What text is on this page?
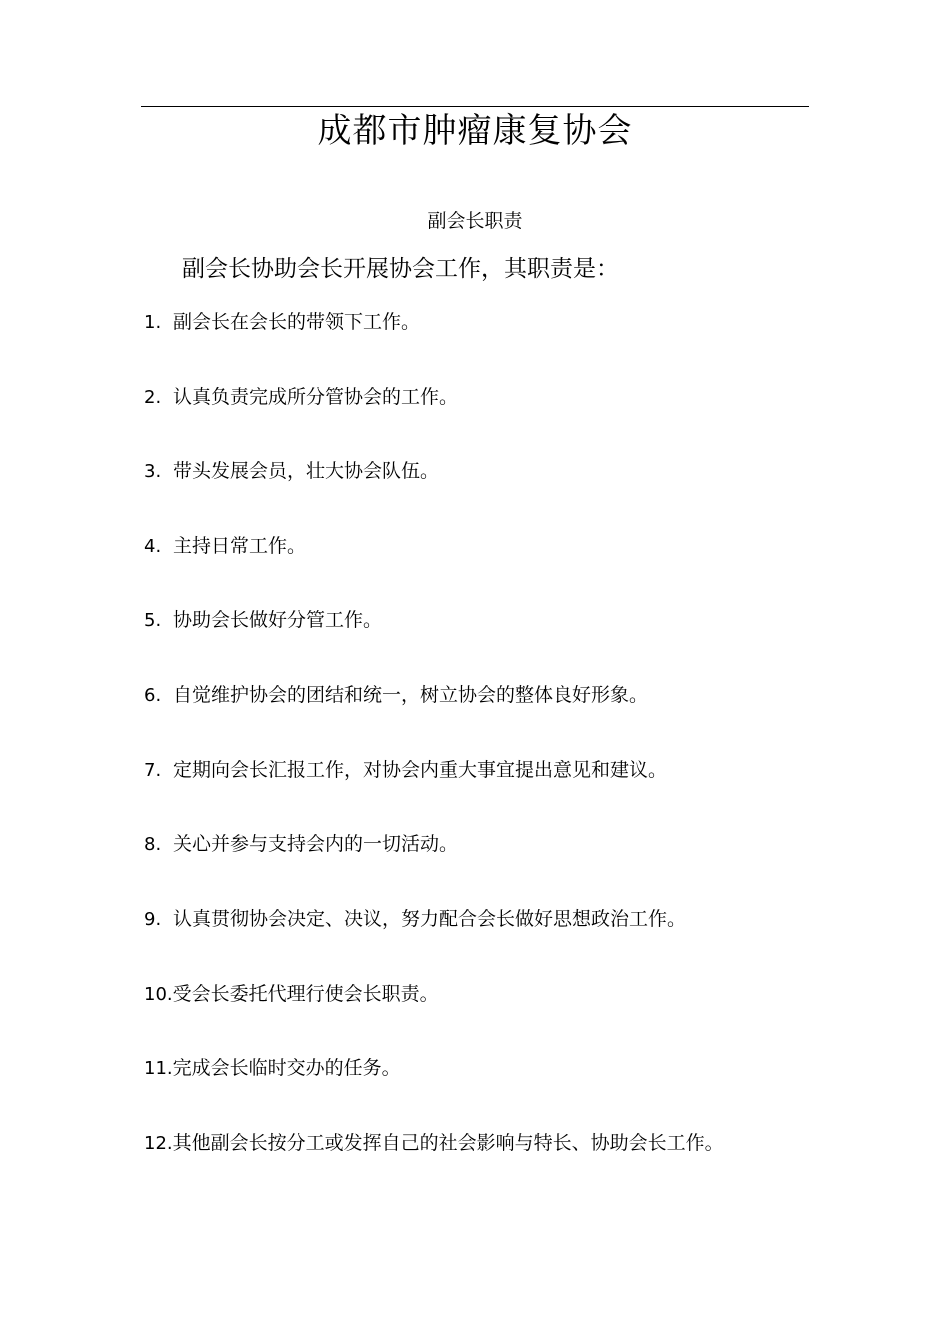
成都市肿瘤康复协会
副会长职责
副会长协助会长开展协会工作，其职责是：
1. 副会长在会长的带领下工作。
2. 认真负责完成所分管协会的工作。
3. 带头发展会员，壮大协会队伍。
4. 主持日常工作。
5. 协助会长做好分管工作。
6. 自觉维护协会的团结和统一，树立协会的整体良好形象。
7. 定期向会长汇报工作，对协会内重大事宜提出意见和建议。
8. 关心并参与支持会内的一切活动。
9. 认真贯彻协会决定、决议，努力配合会长做好思想政治工作。
10.受会长委托代理行使会长职责。
11.完成会长临时交办的任务。
12.其他副会长按分工或发挥自己的社会影响与特长、协助会长工作。
